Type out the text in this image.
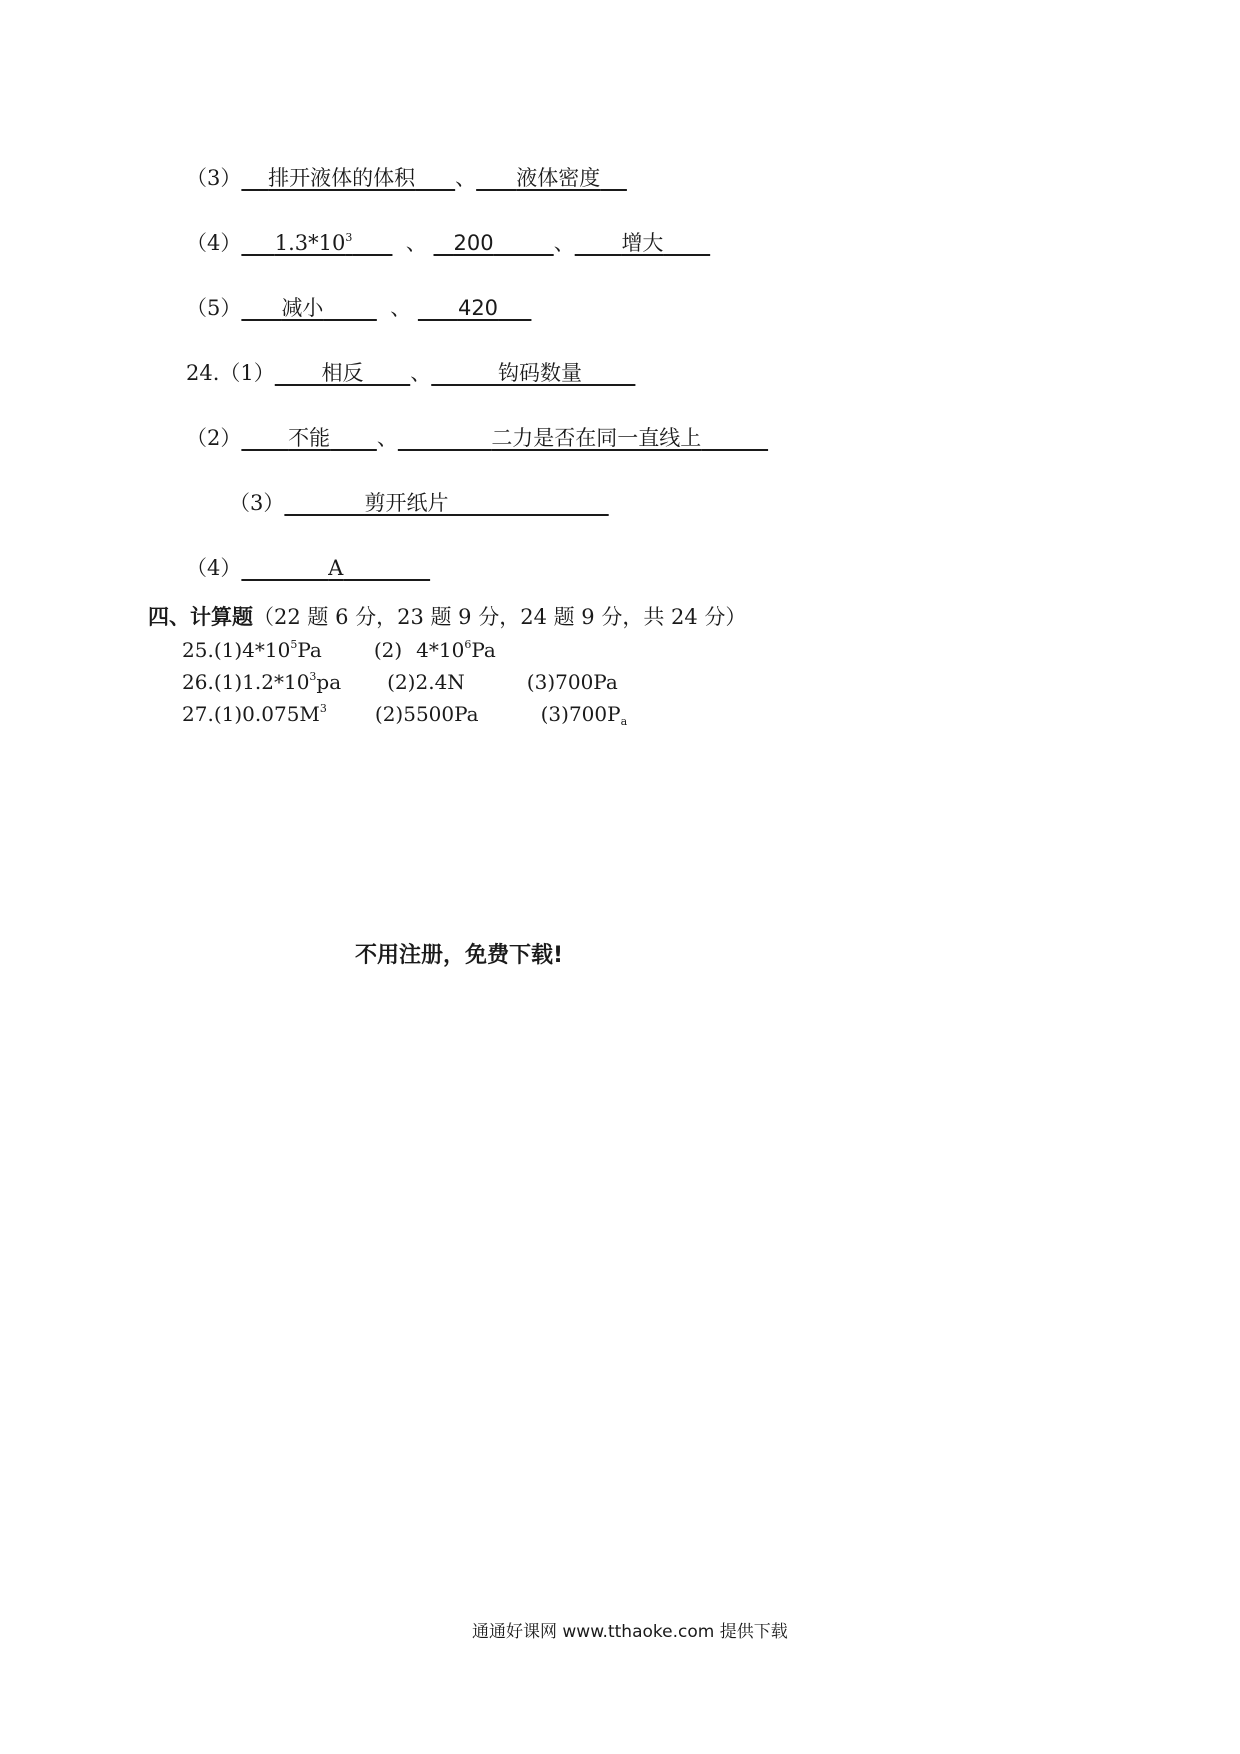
（3） 排开液体的体积 、 液体密度
（4） $1.3*10^3$	、 200	、 增大
（5） 减小	、 420
24.（1） 相反 、	钩码数量
（2） 不能 、	二力是否在同一直线上
（3）	剪开纸片
（4）	A
四、计算题（22 题 6 分，23 题 9 分，24 题 9 分，共 24 分）
$25.(1)4*10^5Pa$	(2) $4*10^6Pa$
$26.(1)1.2*10^3pa$ (2)2.4N	(3)700Pa
$27.(1)0.075M^3$ (2)5500Pa	$(3)700P_a$
不用注册，免费下载!
通通好课网 www.tthaoke.com 提供下载
